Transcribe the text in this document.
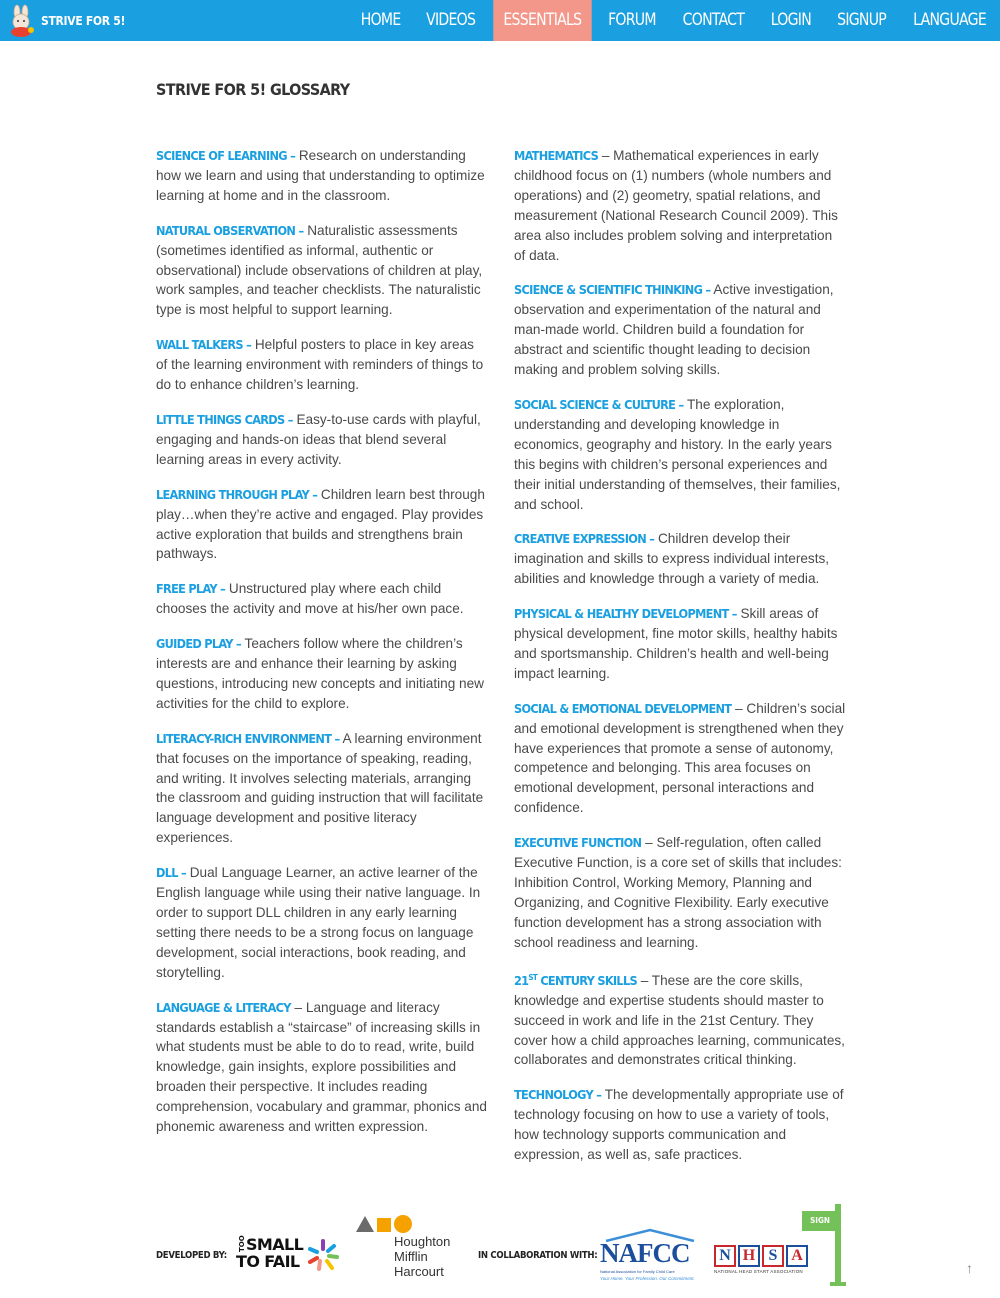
STRIVE FOR 5!	HOME	VIDEOS	ESSENTIALS	FORUM	CONTACT	LOGIN	SIGNUP	LANGUAGE
STRIVE FOR 5! GLOSSARY

SCIENCE OF LEARNING – Research on understanding how we learn and using that understanding to optimize learning at home and in the classroom.

NATURAL OBSERVATION – Naturalistic assessments (sometimes identified as informal, authentic or observational) include observations of children at play, work samples, and teacher checklists. The naturalistic type is most helpful to support learning.

WALL TALKERS – Helpful posters to place in key areas of the learning environment with reminders of things to do to enhance children’s learning.

LITTLE THINGS CARDS – Easy-to-use cards with playful, engaging and hands-on ideas that blend several learning areas in every activity.

LEARNING THROUGH PLAY – Children learn best through play…when they’re active and engaged. Play provides active exploration that builds and strengthens brain pathways.

FREE PLAY – Unstructured play where each child chooses the activity and move at his/her own pace.

GUIDED PLAY – Teachers follow where the children’s interests are and enhance their learning by asking questions, introducing new concepts and initiating new activities for the child to explore.

LITERACY-RICH ENVIRONMENT – A learning environment that focuses on the importance of speaking, reading, and writing. It involves selecting materials, arranging the classroom and guiding instruction that will facilitate language development and positive literacy experiences.

DLL – Dual Language Learner, an active learner of the English language while using their native language. In order to support DLL children in any early learning setting there needs to be a strong focus on language development, social interactions, book reading, and storytelling.

LANGUAGE & LITERACY – Language and literacy standards establish a “staircase” of increasing skills in what students must be able to do to read, write, build knowledge, gain insights, explore possibilities and broaden their perspective. It includes reading comprehension, vocabulary and grammar, phonics and phonemic awareness and written expression.

MATHEMATICS – Mathematical experiences in early childhood focus on (1) numbers (whole numbers and operations) and (2) geometry, spatial relations, and measurement (National Research Council 2009). This area also includes problem solving and interpretation of data.

SCIENCE & SCIENTIFIC THINKING – Active investigation, observation and experimentation of the natural and man-made world. Children build a foundation for abstract and scientific thought leading to decision making and problem solving skills.

SOCIAL SCIENCE & CULTURE – The exploration, understanding and developing knowledge in economics, geography and history. In the early years this begins with children’s personal experiences and their initial understanding of themselves, their families, and school.

CREATIVE EXPRESSION – Children develop their imagination and skills to express individual interests, abilities and knowledge through a variety of media.

PHYSICAL & HEALTHY DEVELOPMENT – Skill areas of physical development, fine motor skills, healthy habits and sportsmanship. Children’s health and well-being impact learning.

SOCIAL & EMOTIONAL DEVELOPMENT – Children’s social and emotional development is strengthened when they have experiences that promote a sense of autonomy, competence and belonging. This area focuses on emotional development, personal interactions and confidence.

EXECUTIVE FUNCTION – Self-regulation, often called Executive Function, is a core set of skills that includes: Inhibition Control, Working Memory, Planning and Organizing, and Cognitive Flexibility. Early executive function development has a strong association with school readiness and learning.

21ST CENTURY SKILLS – These are the core skills, knowledge and expertise students should master to succeed in work and life in the 21st Century. They cover how a child approaches learning, communicates, collaborates and demonstrates critical thinking.

TECHNOLOGY – The developmentally appropriate use of technology focusing on how to use a variety of tools, how technology supports communication and expression, as well as, safe practices.

DEVELOPED BY:
SMALL
TO FAIL
TOO	Houghton
Mifflin
Harcourt
IN COLLABORATION WITH: NAFCC
National Association for Family Child Care
Your Home. Your Profession. Our Commitment.
N H S A
NATIONAL HEAD START ASSOCIATION
SIGN UP!
↑
